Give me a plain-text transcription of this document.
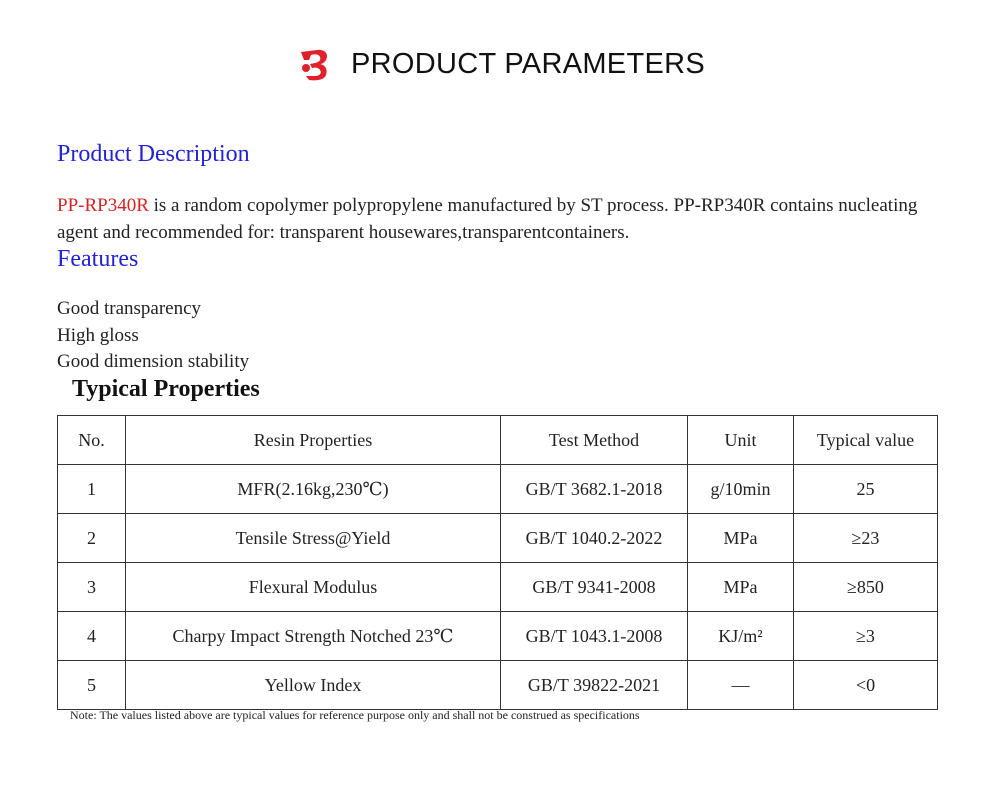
PRODUCT PARAMETERS
Product Description
PP-RP340R is a random copolymer polypropylene manufactured by ST process. PP-RP340R contains nucleating agent and recommended for: transparent housewares,transparentcontainers.
Features
Good transparency
High gloss
Good dimension stability
Typical Properties
No.	Resin Properties	Test Method	Unit	Typical value
1	MFR(2.16kg,230℃)	GB/T 3682.1-2018	g/10min	25
2	Tensile Stress@Yield	GB/T 1040.2-2022	MPa	≥23
3	Flexural Modulus	GB/T 9341-2008	MPa	≥850
4	Charpy Impact Strength Notched 23℃	GB/T 1043.1-2008	KJ/m²	≥3
5	Yellow Index	GB/T 39822-2021	—	<0
Note: The values listed above are typical values for reference purpose only and shall not be construed as specifications
